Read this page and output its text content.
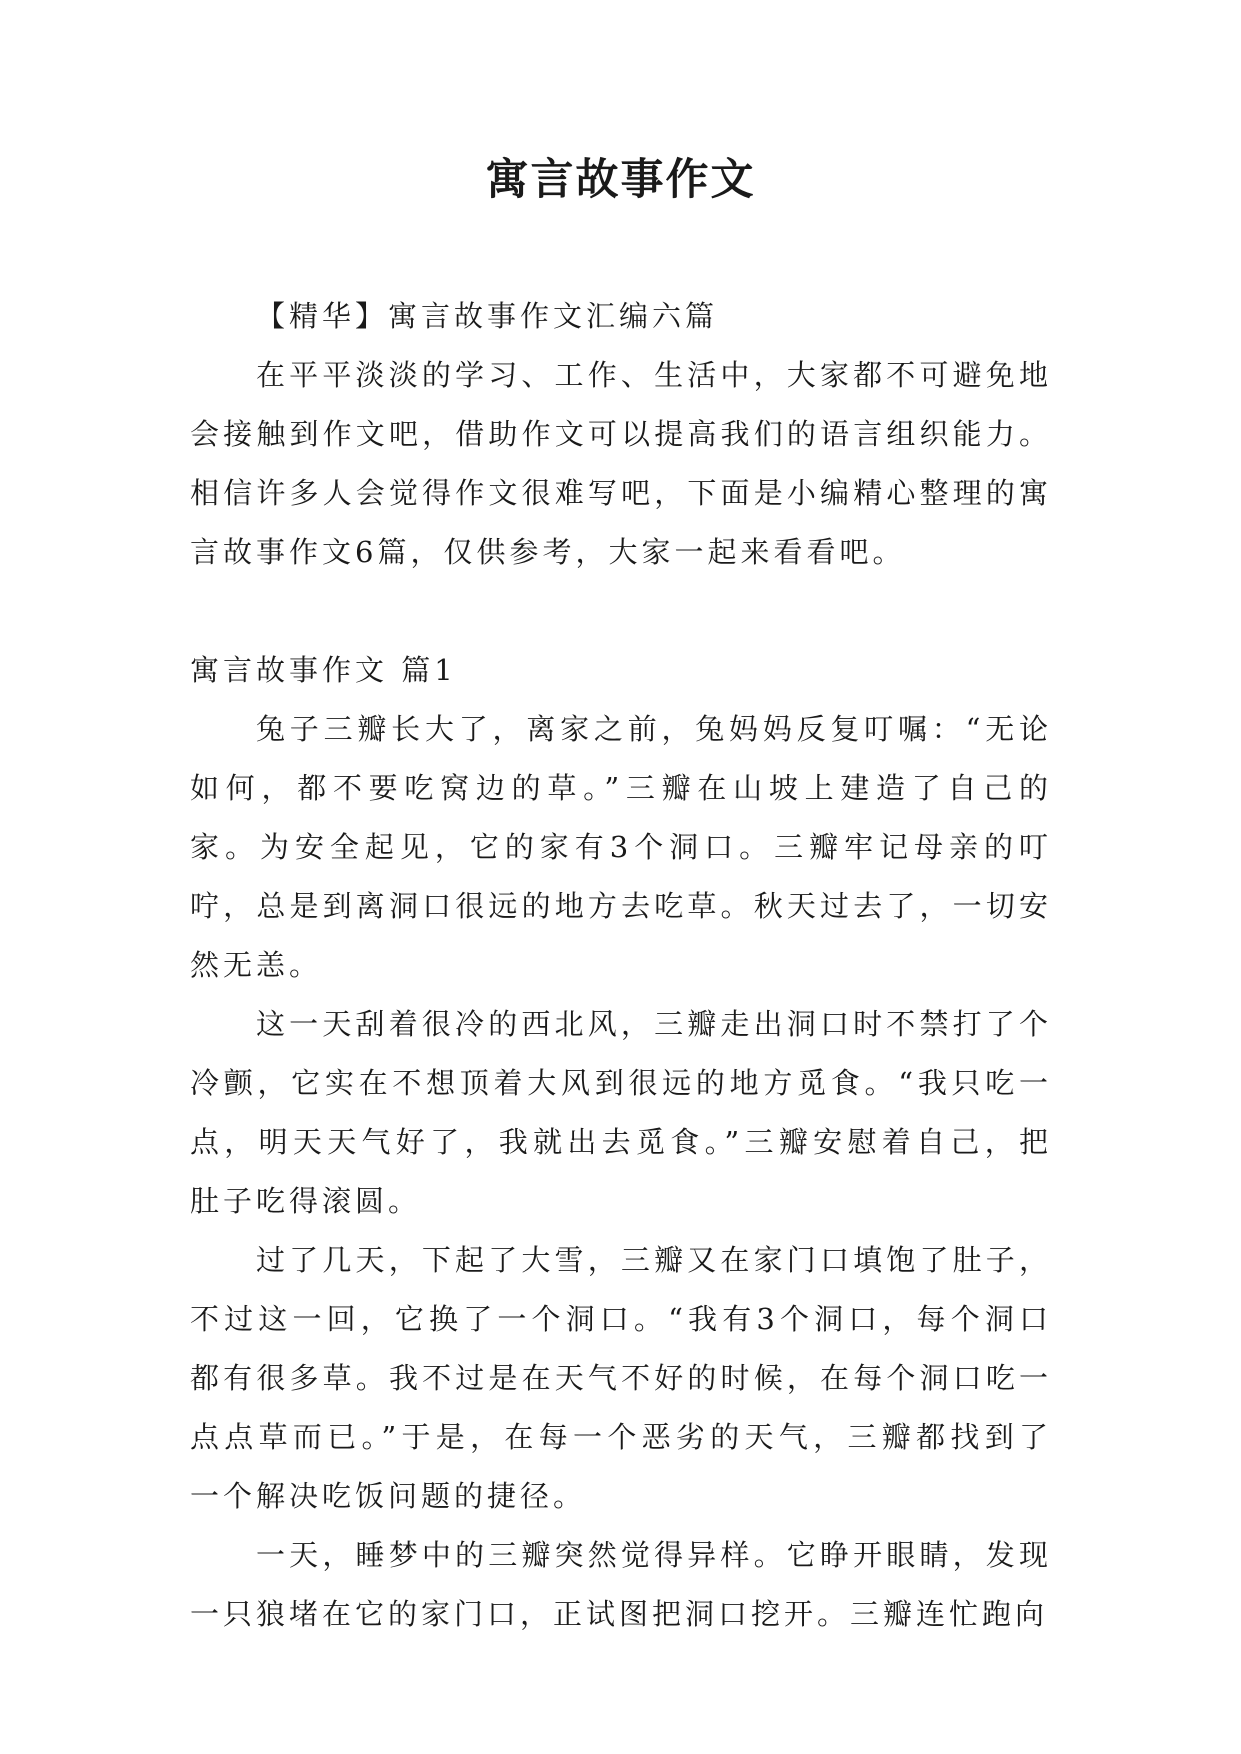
寓言故事作文

【精华】寓言故事作文汇编六篇

在平平淡淡的学习、工作、生活中，大家都不可避免地会接触到作文吧，借助作文可以提高我们的语言组织能力。相信许多人会觉得作文很难写吧，下面是小编精心整理的寓言故事作文6篇，仅供参考，大家一起来看看吧。

寓言故事作文 篇1

兔子三瓣长大了，离家之前，兔妈妈反复叮嘱：“无论如何，都不要吃窝边的草。”三瓣在山坡上建造了自己的家。为安全起见，它的家有3个洞口。三瓣牢记母亲的叮咛，总是到离洞口很远的地方去吃草。秋天过去了，一切安然无恙。

这一天刮着很冷的西北风，三瓣走出洞口时不禁打了个冷颤，它实在不想顶着大风到很远的地方觅食。“我只吃一点，明天天气好了，我就出去觅食。”三瓣安慰着自己，把肚子吃得滚圆。

过了几天，下起了大雪，三瓣又在家门口填饱了肚子，不过这一回，它换了一个洞口。“我有3个洞口，每个洞口都有很多草。我不过是在天气不好的时候，在每个洞口吃一点点草而已。”于是，在每一个恶劣的天气，三瓣都找到了一个解决吃饭问题的捷径。

一天，睡梦中的三瓣突然觉得异样。它睁开眼睛，发现一只狼堵在它的家门口，正试图把洞口挖开。三瓣连忙跑向
